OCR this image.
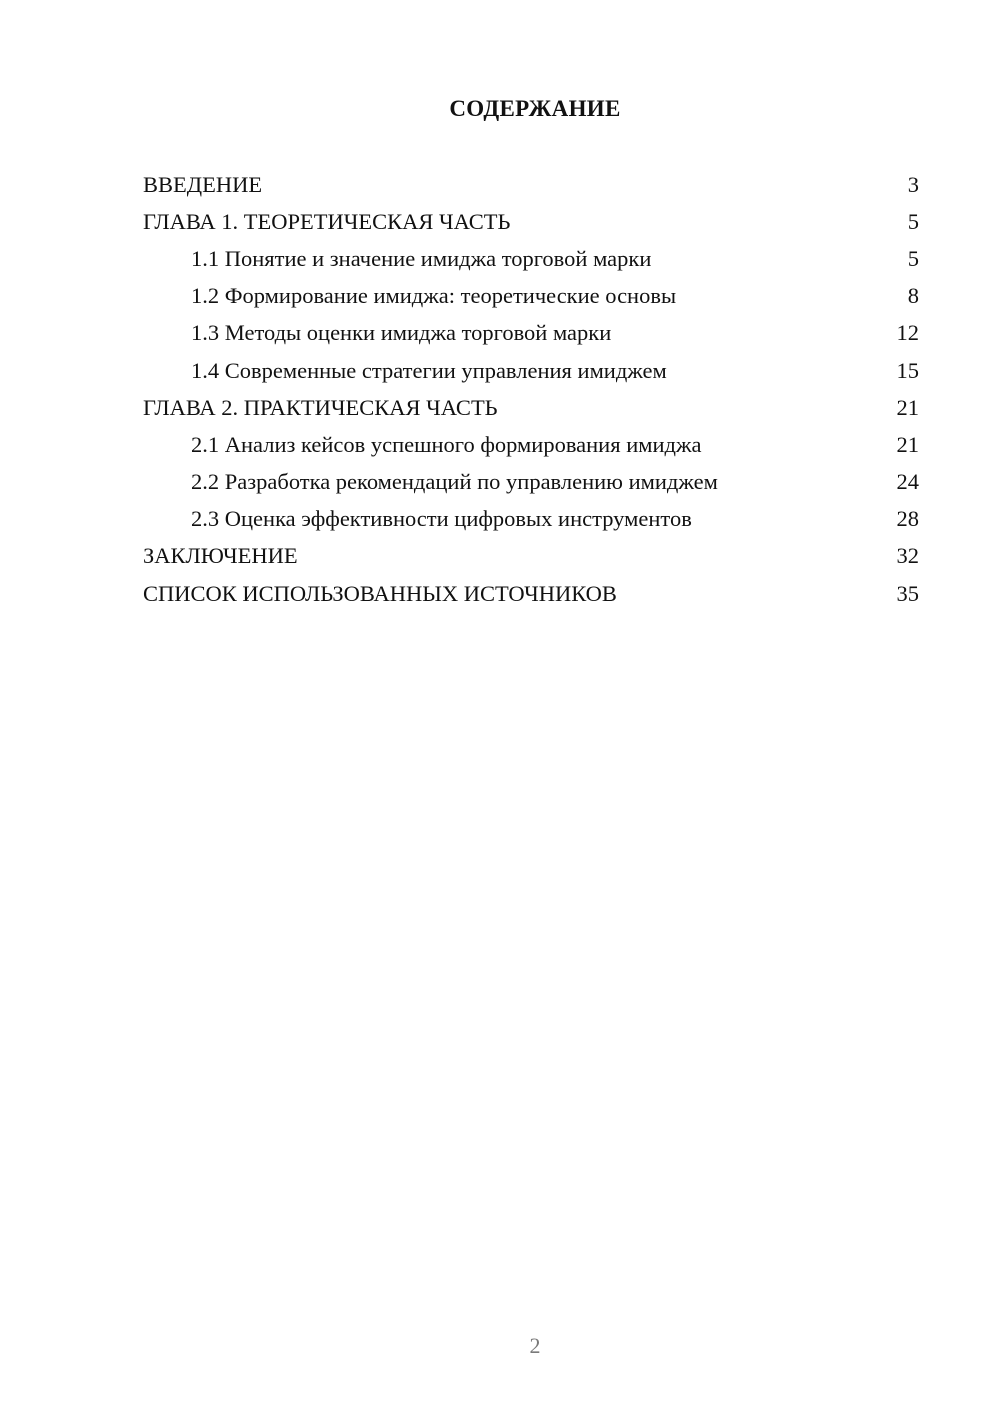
СОДЕРЖАНИЕ
ВВЕДЕНИЕ	3
ГЛАВА 1. ТЕОРЕТИЧЕСКАЯ ЧАСТЬ	5
1.1 Понятие и значение имиджа торговой марки	5
1.2 Формирование имиджа: теоретические основы	8
1.3 Методы оценки имиджа торговой марки	12
1.4 Современные стратегии управления имиджем	15
ГЛАВА 2. ПРАКТИЧЕСКАЯ ЧАСТЬ	21
2.1 Анализ кейсов успешного формирования имиджа	21
2.2 Разработка рекомендаций по управлению имиджем	24
2.3 Оценка эффективности цифровых инструментов	28
ЗАКЛЮЧЕНИЕ	32
СПИСОК ИСПОЛЬЗОВАННЫХ ИСТОЧНИКОВ	35
2
